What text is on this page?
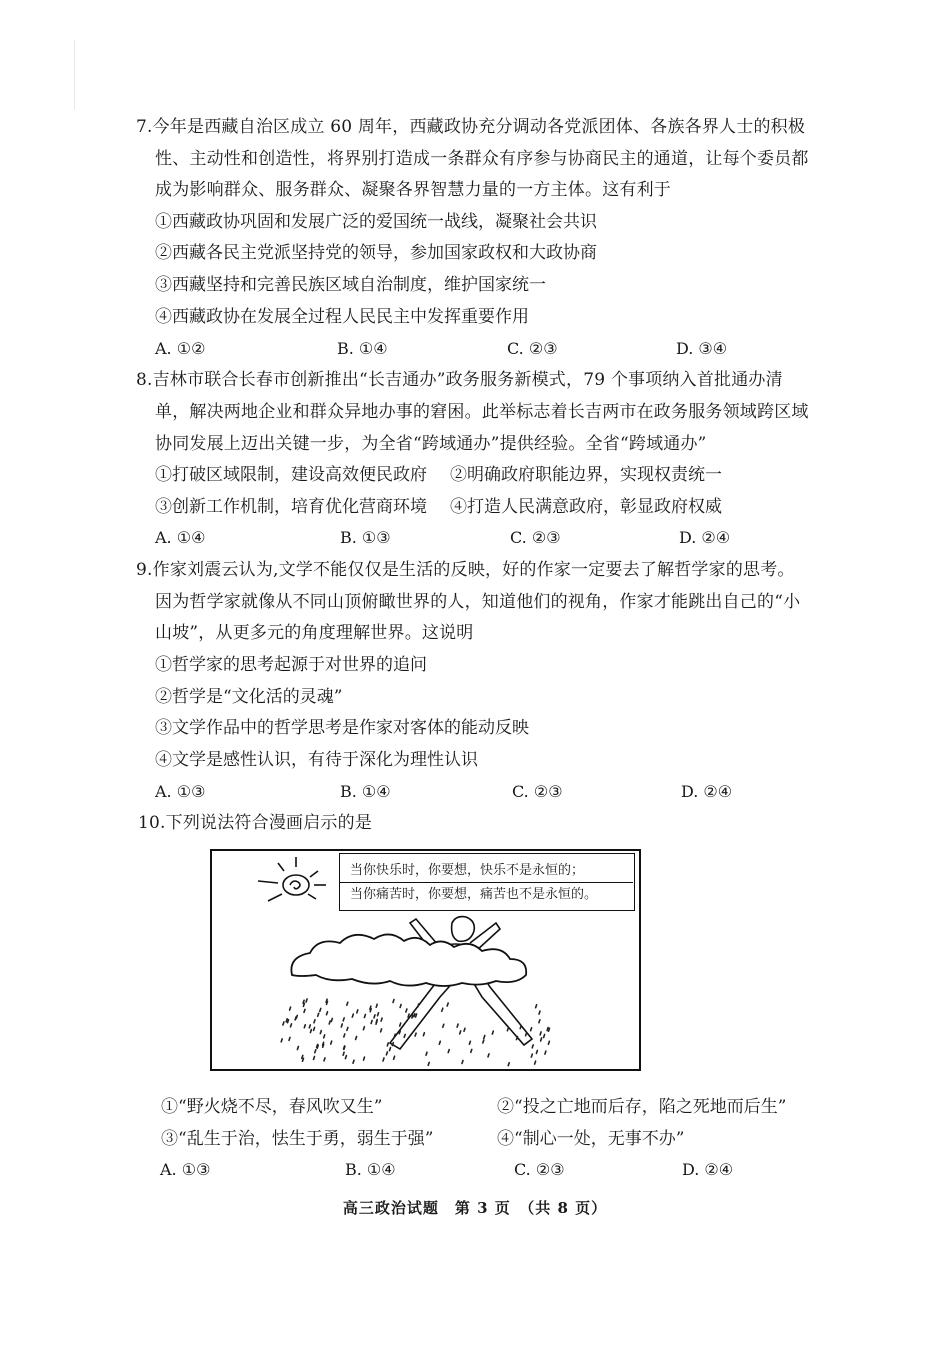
7.今年是西藏自治区成立 60 周年，西藏政协充分调动各党派团体、各族各界人士的积极
性、主动性和创造性，将界别打造成一条群众有序参与协商民主的通道，让每个委员都
成为影响群众、服务群众、凝聚各界智慧力量的一方主体。这有利于
①西藏政协巩固和发展广泛的爱国统一战线，凝聚社会共识
②西藏各民主党派坚持党的领导，参加国家政权和大政协商
③西藏坚持和完善民族区域自治制度，维护国家统一
④西藏政协在发展全过程人民民主中发挥重要作用
A. ①②	B. ①④	C. ②③	D. ③④
8.吉林市联合长春市创新推出“长吉通办”政务服务新模式，79 个事项纳入首批通办清
单，解决两地企业和群众异地办事的窘困。此举标志着长吉两市在政务服务领域跨区域
协同发展上迈出关键一步，为全省“跨域通办”提供经验。全省“跨域通办”
①打破区域限制，建设高效便民政府 ②明确政府职能边界，实现权责统一
③创新工作机制，培育优化营商环境 ④打造人民满意政府，彰显政府权威
A. ①④	B. ①③	C. ②③	D. ②④
9.作家刘震云认为,文学不能仅仅是生活的反映，好的作家一定要去了解哲学家的思考。
因为哲学家就像从不同山顶俯瞰世界的人，知道他们的视角，作家才能跳出自己的“小
山坡”，从更多元的角度理解世界。这说明
①哲学家的思考起源于对世界的追问
②哲学是“文化活的灵魂”
③文学作品中的哲学思考是作家对客体的能动反映
④文学是感性认识，有待于深化为理性认识
A. ①③	B. ①④	C. ②③	D. ②④
10.下列说法符合漫画启示的是
当你快乐时，你要想，快乐不是永恒的；
当你痛苦时，你要想，痛苦也不是永恒的。
①“野火烧不尽，春风吹又生”	②“投之亡地而后存，陷之死地而后生”
③“乱生于治，怯生于勇，弱生于强”	④“制心一处，无事不办”
A. ①③	B. ①④	C. ②③	D. ②④
高三政治试题　第 3 页　（共 8 页）
